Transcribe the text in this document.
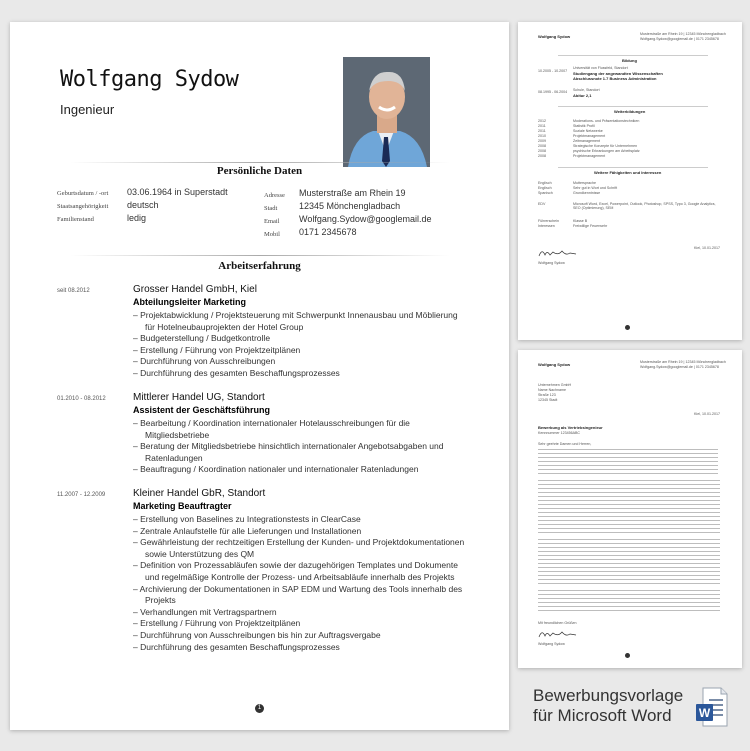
Wolfgang Sydow
Ingenieur
Persönliche Daten
Geburtsdatum / -ort 03.06.1964 in Superstadt
Staatsangehörigkeit deutsch
Familienstand	ledig
Adresse Musterstraße am Rhein 19
Stadt 12345 Mönchengladbach
Email Wolfgang.Sydow@googlemail.de
Mobil 0171 2345678
Arbeitserfahrung
seit 08.2012	Grosser Handel GmbH, Kiel
Abteilungsleiter Marketing
– Projektabwicklung / Projektsteuerung mit Schwerpunkt Innenausbau und Möblierung für Hotelneubauprojekten der Hotel Group
– Budgeterstellung / Budgetkontrolle
– Erstellung / Führung von Projektzeitplänen
– Durchführung von Ausschreibungen
– Durchführung des gesamten Beschaffungsprozesses
01.2010 - 08.2012	Mittlerer Handel UG, Standort
Assistent der Geschäftsführung
– Bearbeitung / Koordination internationaler Hotelausschreibungen für die Mitgliedsbetriebe
– Beratung der Mitgliedsbetriebe hinsichtlich internationaler Angebotsabgaben und Ratenladungen
– Beauftragung / Koordination nationaler und internationaler Ratenladungen
11.2007 - 12.2009	Kleiner Handel GbR, Standort
Marketing Beauftragter
– Erstellung von Baselines zu Integrationstests in ClearCase
– Zentrale Anlaufstelle für alle Lieferungen und Installationen
– Gewährleistung der rechtzeitigen Erstellung der Kunden- und Projektdokumentationen sowie Unterstützung des QM
– Definition von Prozessabläufen sowie der dazugehörigen Templates und Dokumente und regelmäßige Kontrolle der Prozess- und Arbeitsabläufe innerhalb des Projekts
– Archivierung der Dokumentationen in SAP EDM und Wartung des Tools innerhalb des Projekts
– Verhandlungen mit Vertragspartnern
– Erstellung / Führung von Projektzeitplänen
– Durchführung von Ausschreibungen bis hin zur Auftragsvergabe
– Durchführung des gesamten Beschaffungsprozesses
1
Wolfgang Sydow	Musterstraße am Rhein 19 | 12345 Mönchengladbach
Wolfgang.Sydow@googlemail.de | 0171 2345678
Bildung
10.2005 - 10.2007
Universität von Flussfeld, Standort
Studiengang der angewandten Wissenschaften
Abschlussnote 1.7 Business Administration
08.1995 - 06.2004 Schule, Standort
Abitur 2,1
Weiterbildungen
2012	Moderations- und Präsentationstechniken
2011	Statistik Profil
2011	Soziale Netzwerke
2010	Projektmanagement
2009	Zeitmanagement
2008	Strategische Konzepte für Unternehmen
2008	psychische Erkrankungen am Arbeitsplatz
2008	Projektmanagement
Weitere Fähigkeiten und Interessen
Englisch	Muttersprache
Englisch	Sehr gut in Wort und Schrift
Spanisch	Grundkenntnisse
EDV	Microsoft Word, Excel, Powerpoint, Outlook, Photoshop, SPSS, Typo 3, Google Analytics, SEO (Optimierung), SEM
Führerschein	Klasse B
Interessen	Freiwillige Feuerwehr
Kiel, 10.01.2017
Wolfgang Sydow
Wolfgang Sydow	Musterstraße am Rhein 19 | 12345 Mönchengladbach
Wolfgang.Sydow@googlemail.de | 0171 2345678
Unternehmen GmbH
Name Nachname
Straße 123
12345 Stadt
Kiel, 10.01.2017
Bewerbung als Vertriebsingenieur
Kennnummer 123456ABC
Sehr geehrte Damen und Herren,
Mit freundlichen Grüßen
Wolfgang Sydow
Bewerbungsvorlage
für Microsoft Word W
